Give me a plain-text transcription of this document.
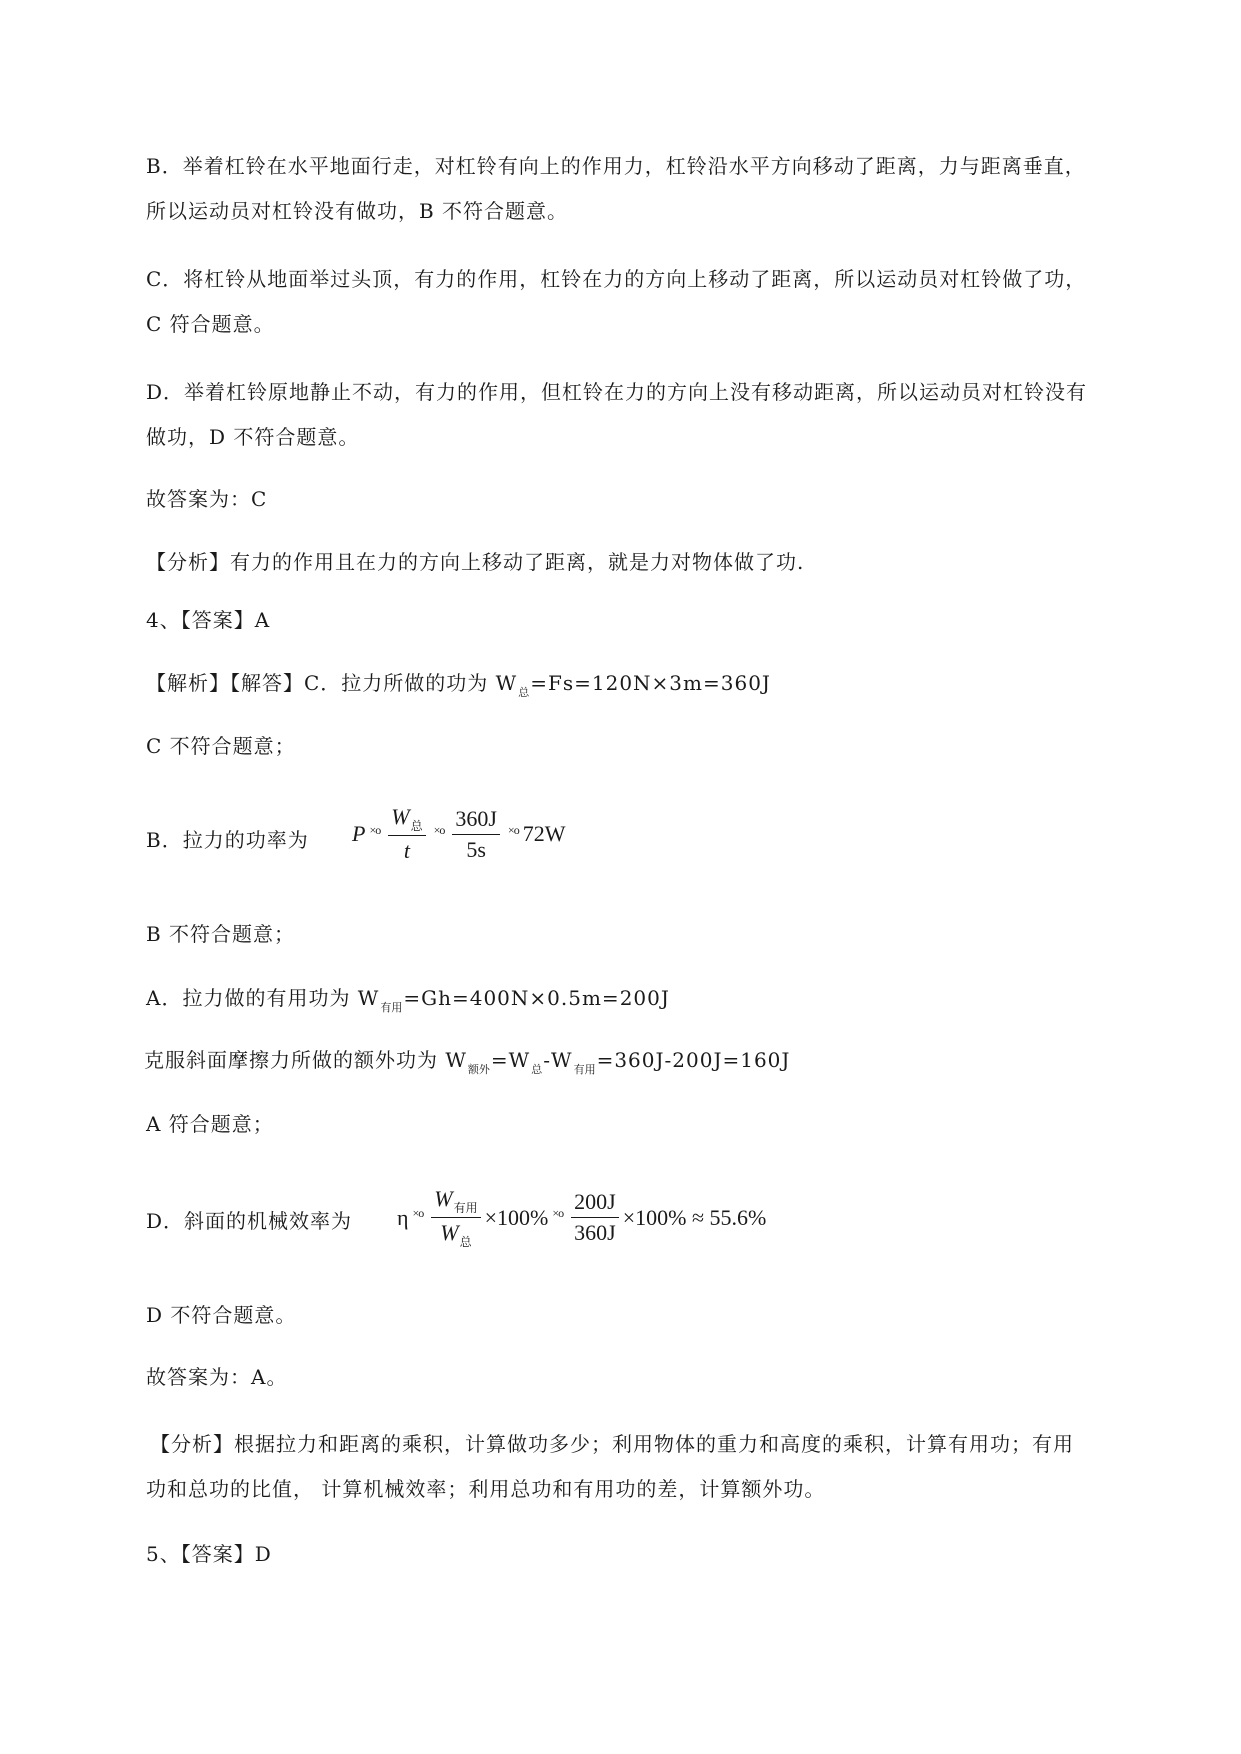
B．举着杠铃在水平地面行走，对杠铃有向上的作用力，杠铃沿水平方向移动了距离，力与距离垂直，
所以运动员对杠铃没有做功，B 不符合题意。
C．将杠铃从地面举过头顶，有力的作用，杠铃在力的方向上移动了距离，所以运动员对杠铃做了功，
C 符合题意。
D．举着杠铃原地静止不动，有力的作用，但杠铃在力的方向上没有移动距离，所以运动员对杠铃没有
做功，D 不符合题意。
故答案为：C
【分析】有力的作用且在力的方向上移动了距离，就是力对物体做了功.
4、【答案】A
【解析】【解答】C．拉力所做的功为 $W_总=Fs=120N\times 3m=360J$
C 不符合题意；
B．拉力的功率为 $P \times o \frac{W_总}{t} \times o \frac{360J}{5s} \times o$ 72W
B 不符合题意；
A．拉力做的有用功为 $W_{有用}=Gh=400N\times 0.5m=200J$
克服斜面摩擦力所做的额外功为 $W_{额外}=W_总-W_{有用}=360J-200J=160J$
A 符合题意；
D．斜面的机械效率为 $\eta \times o \frac{W_{有用}}{W_总} \times 100\% \times o \frac{200J}{360J} \times 100\% \approx 55.6\%$
D 不符合题意。
故答案为：A。
【分析】根据拉力和距离的乘积，计算做功多少；利用物体的重力和高度的乘积，计算有用功；有用
功和总功的比值， 计算机械效率；利用总功和有用功的差，计算额外功。
5、【答案】D
